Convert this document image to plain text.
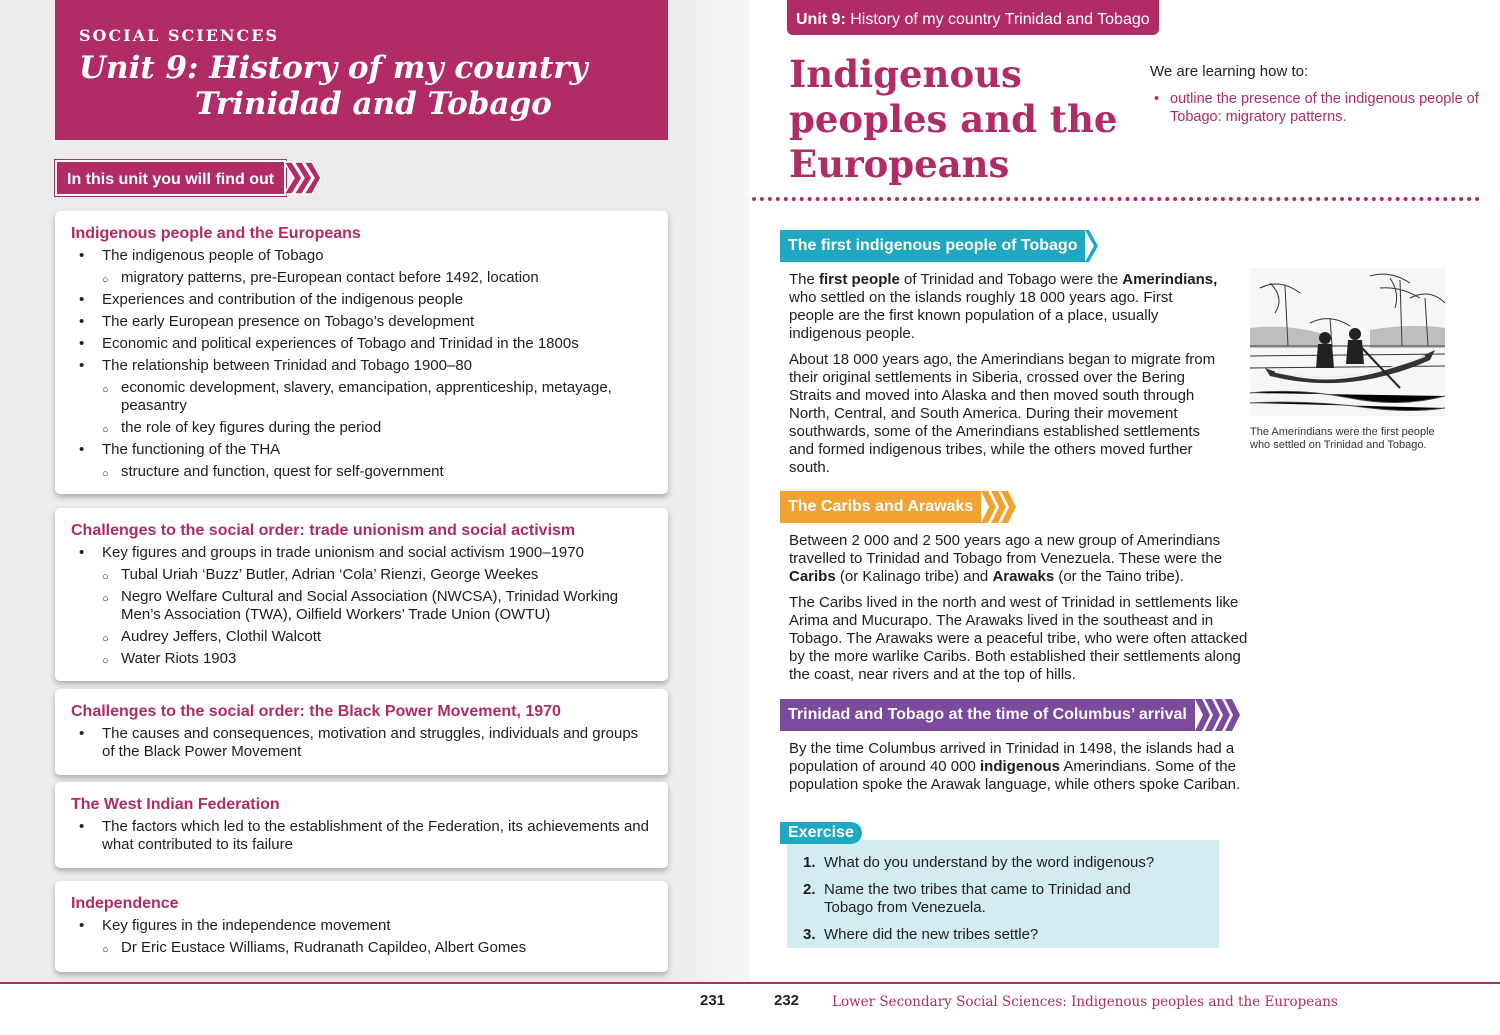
SOCIAL SCIENCES
Unit 9: History of my country
Trinidad and Tobago
In this unit you will find out
Indigenous people and the Europeans
• The indigenous people of Tobago
○ migratory patterns, pre-European contact before 1492, location
• Experiences and contribution of the indigenous people
• The early European presence on Tobago’s development
• Economic and political experiences of Tobago and Trinidad in the 1800s
• The relationship between Trinidad and Tobago 1900–80
○ economic development, slavery, emancipation, apprenticeship, metayage, peasantry
○ the role of key figures during the period
• The functioning of the THA
○ structure and function, quest for self-government
Challenges to the social order: trade unionism and social activism
• Key figures and groups in trade unionism and social activism 1900–1970
○ Tubal Uriah ‘Buzz’ Butler, Adrian ‘Cola’ Rienzi, George Weekes
○ Negro Welfare Cultural and Social Association (NWCSA), Trinidad Working Men’s Association (TWA), Oilfield Workers’ Trade Union (OWTU)
○ Audrey Jeffers, Clothil Walcott
○ Water Riots 1903
Challenges to the social order: the Black Power Movement, 1970
• The causes and consequences, motivation and struggles, individuals and groups of the Black Power Movement
The West Indian Federation
• The factors which led to the establishment of the Federation, its achievements and what contributed to its failure
Independence
• Key figures in the independence movement
○ Dr Eric Eustace Williams, Rudranath Capildeo, Albert Gomes
Unit 9: History of my country Trinidad and Tobago
Indigenous peoples and the Europeans
We are learning how to:
• outline the presence of the indigenous people of Tobago: migratory patterns.
The first indigenous people of Tobago
The first people of Trinidad and Tobago were the Amerindians, who settled on the islands roughly 18 000 years ago. First people are the first known population of a place, usually indigenous people.
About 18 000 years ago, the Amerindians began to migrate from their original settlements in Siberia, crossed over the Bering Straits and moved into Alaska and then moved south through North, Central, and South America. During their movement southwards, some of the Amerindians established settlements and formed indigenous tribes, while the others moved further south.
The Amerindians were the first people who settled on Trinidad and Tobago.
The Caribs and Arawaks
Between 2 000 and 2 500 years ago a new group of Amerindians travelled to Trinidad and Tobago from Venezuela. These were the Caribs (or Kalinago tribe) and Arawaks (or the Taino tribe).
The Caribs lived in the north and west of Trinidad in settlements like Arima and Mucurapo. The Arawaks lived in the southeast and in Tobago. The Arawaks were a peaceful tribe, who were often attacked by the more warlike Caribs. Both established their settlements along the coast, near rivers and at the top of hills.
Trinidad and Tobago at the time of Columbus’ arrival
By the time Columbus arrived in Trinidad in 1498, the islands had a population of around 40 000 indigenous Amerindians. Some of the population spoke the Arawak language, while others spoke Cariban.
1. What do you understand by the word indigenous?
2. Name the two tribes that came to Trinidad and Tobago from Venezuela.
3. Where did the new tribes settle?
Exercise
231	232 Lower Secondary Social Sciences: Indigenous peoples and the Europeans
